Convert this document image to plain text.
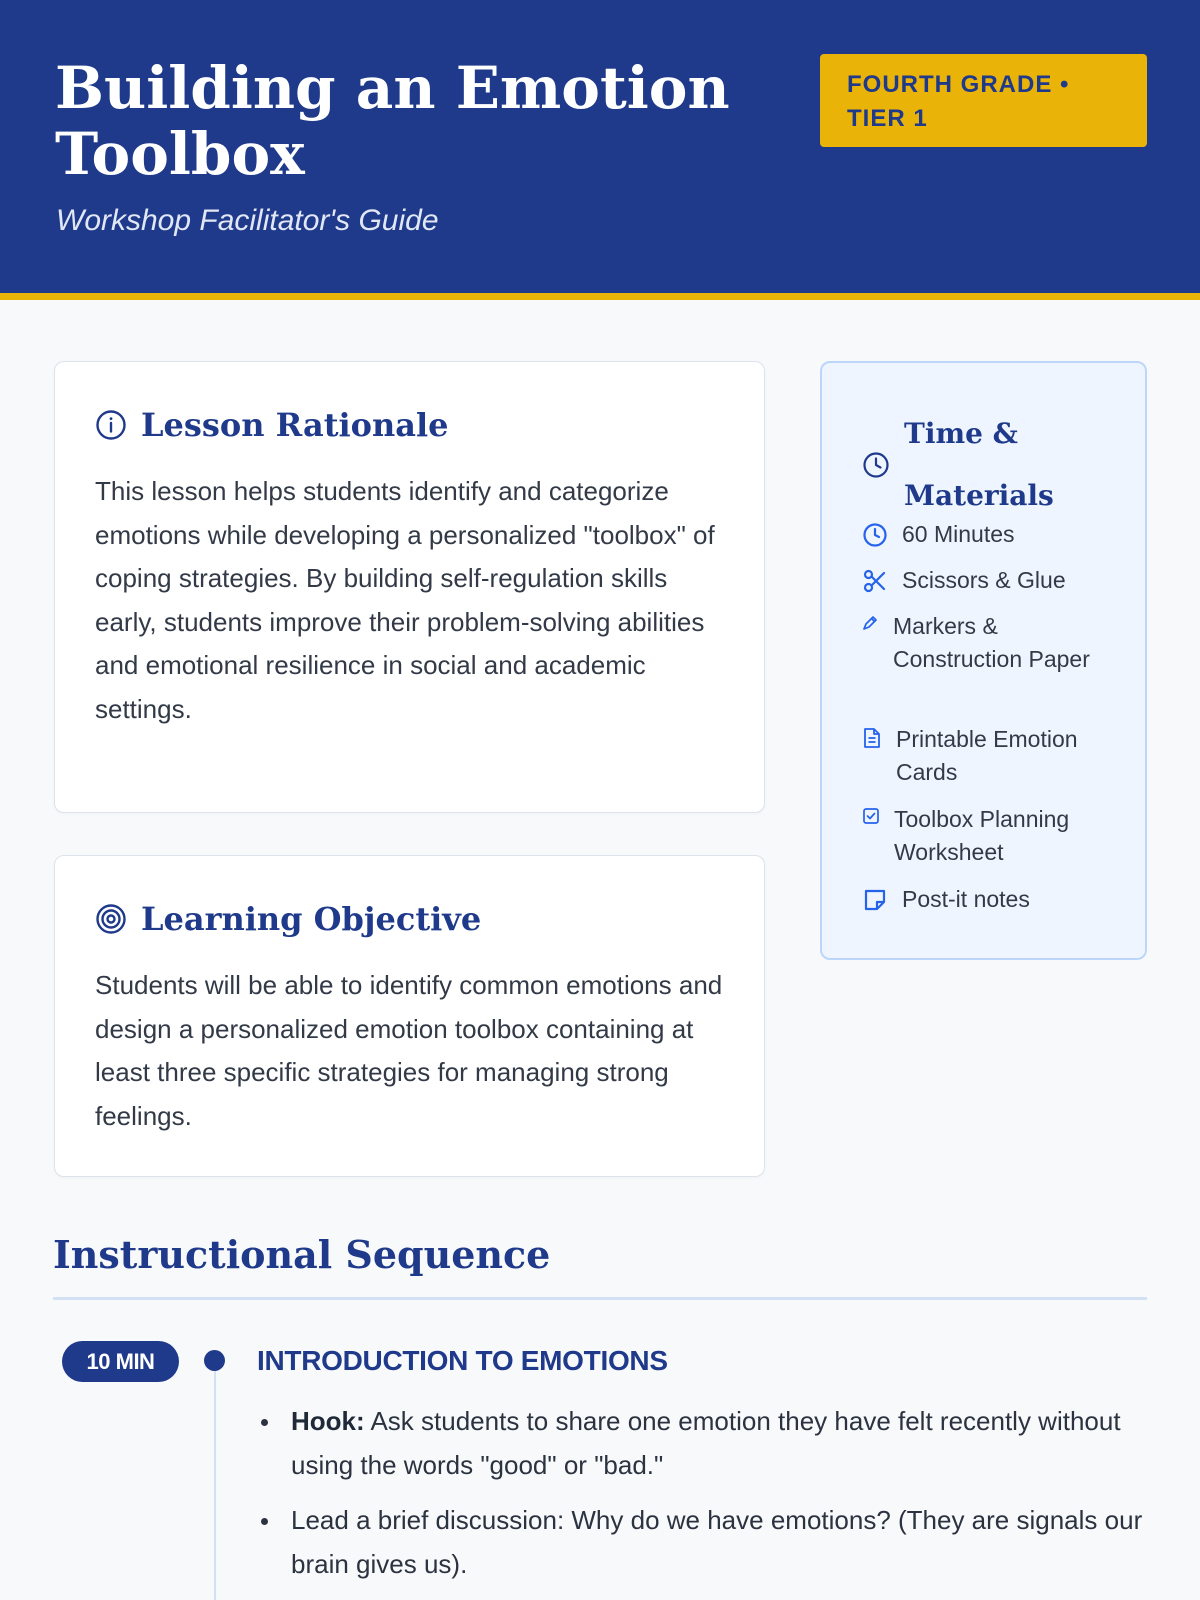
Building an Emotion Toolbox
Workshop Facilitator's Guide
FOURTH GRADE • TIER 1
Lesson Rationale
This lesson helps students identify and categorize emotions while developing a personalized "toolbox" of coping strategies. By building self-regulation skills early, students improve their problem-solving abilities and emotional resilience in social and academic settings.
Learning Objective
Students will be able to identify common emotions and design a personalized emotion toolbox containing at least three specific strategies for managing strong feelings.
Time & Materials
60 Minutes
Scissors & Glue
Markers & Construction Paper
Printable Emotion Cards
Toolbox Planning Worksheet
Post-it notes
Instructional Sequence
10 MIN	INTRODUCTION TO EMOTIONS
Hook: Ask students to share one emotion they have felt recently without using the words "good" or "bad."
Lead a brief discussion: Why do we have emotions? (They are signals our brain gives us).
